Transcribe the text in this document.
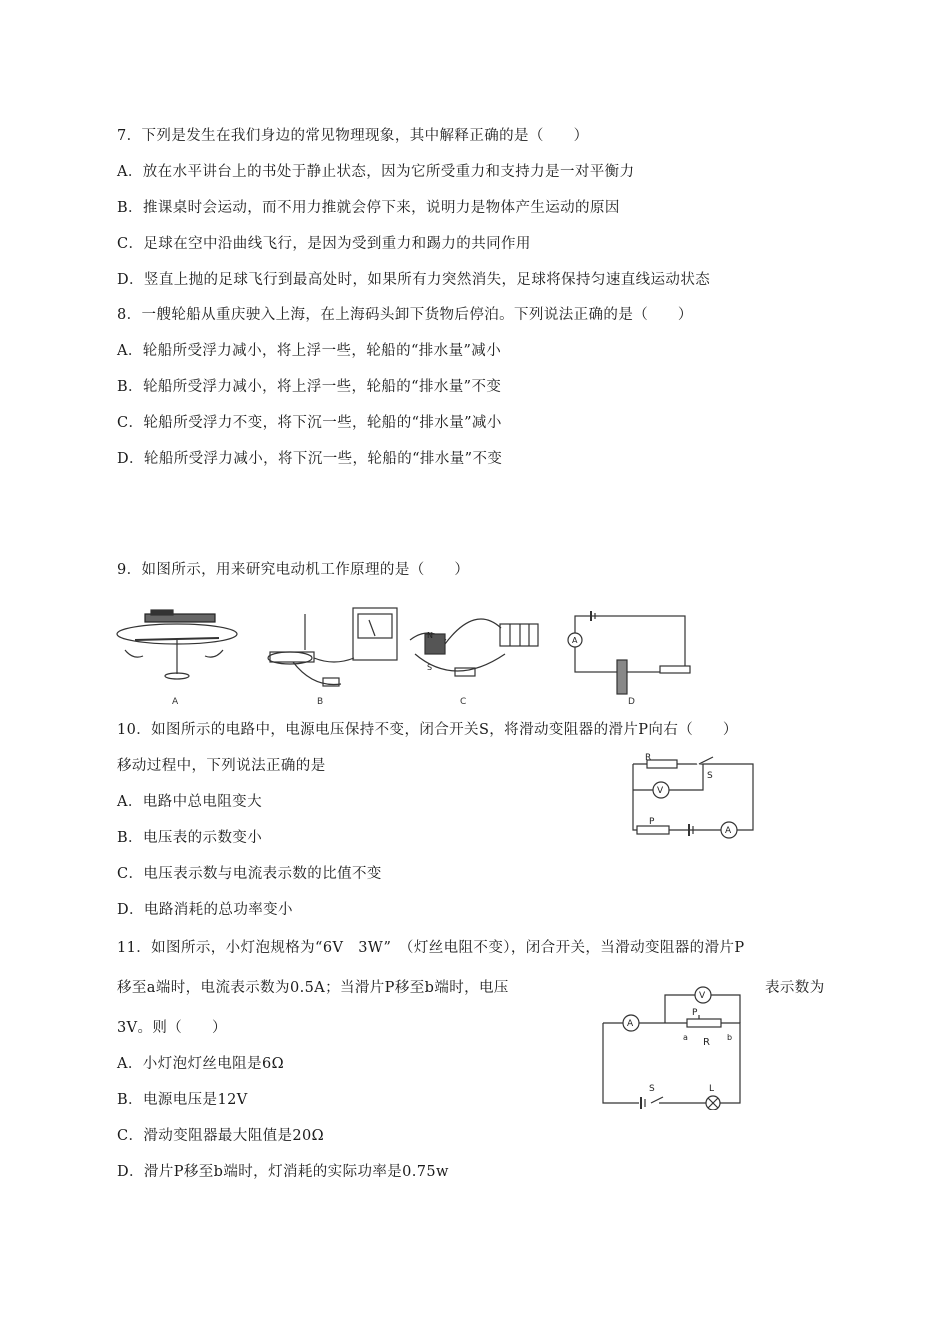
7．下列是发生在我们身边的常见物理现象，其中解释正确的是（　　）
A．放在水平讲台上的书处于静止状态，因为它所受重力和支持力是一对平衡力
B．推课桌时会运动，而不用力推就会停下来，说明力是物体产生运动的原因
C．足球在空中沿曲线飞行，是因为受到重力和踢力的共同作用
D．竖直上抛的足球飞行到最高处时，如果所有力突然消失，足球将保持匀速直线运动状态
8．一艘轮船从重庆驶入上海，在上海码头卸下货物后停泊。下列说法正确的是（　　）
A．轮船所受浮力减小，将上浮一些，轮船的“排水量”减小
B．轮船所受浮力减小，将上浮一些，轮船的“排水量”不变
C．轮船所受浮力不变，将下沉一些，轮船的“排水量”减小
D．轮船所受浮力减小，将下沉一些，轮船的“排水量”不变
9．如图所示，用来研究电动机工作原理的是（　　）
A	B
N
S
C
A
D
10．如图所示的电路中，电源电压保持不变，闭合开关S，将滑动变阻器的滑片P向右（　　）
移动过程中，下列说法正确的是
A．电路中总电阻变大
B．电压表的示数变小
C．电压表示数与电流表示数的比值不变
D．电路消耗的总功率变小
R
S
V
P
A
11．如图所示，小灯泡规格为“6V　3W”　（灯丝电阻不变），闭合开关，当滑动变阻器的滑片P
移至a端时，电流表示数为0.5A；当滑片P移至b端时，电压	表示数为
3V。则（　　）
A．小灯泡灯丝电阻是6Ω
B．电源电压是12V
C．滑动变阻器最大阻值是20Ω
D．滑片P移至b端时，灯消耗的实际功率是0.75w
A
V
P
a R b
S	L
